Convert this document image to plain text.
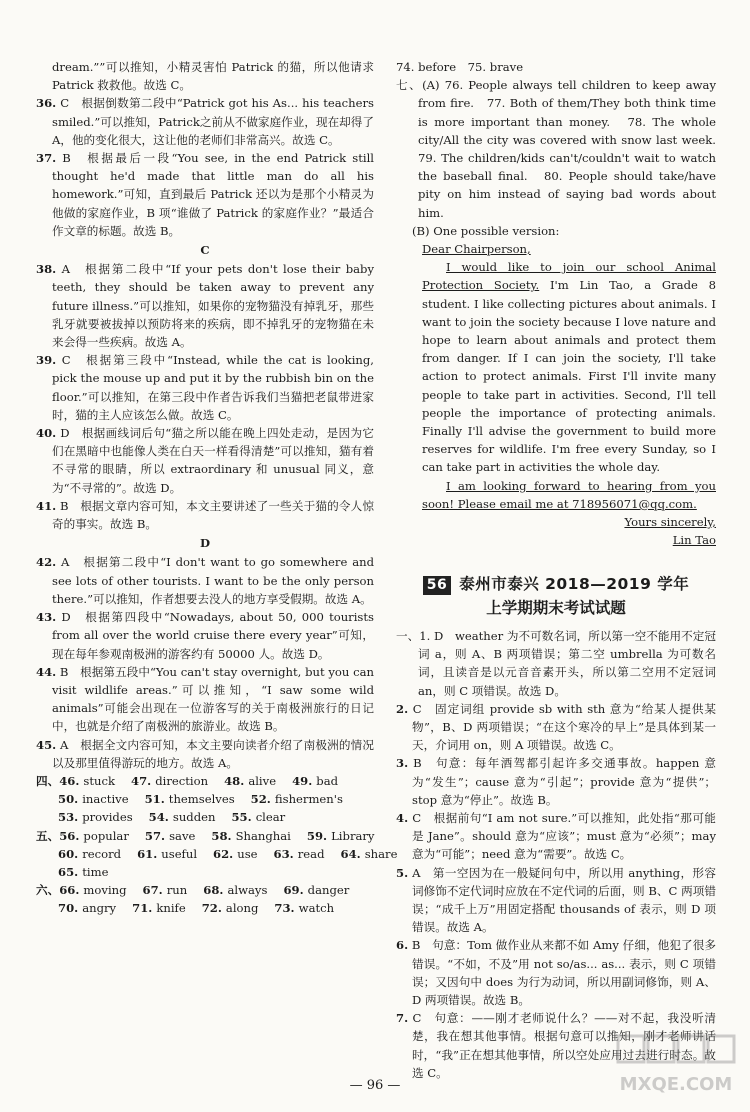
dream.””可以推知，小精灵害怕 Patrick 的猫，所以他请求 Patrick 救救他。故选 C。
36. C　根据倒数第二段中“Patrick got his As... his teachers smiled.”可以推知，Patrick之前从不做家庭作业，现在却得了A，他的变化很大，这让他的老师们非常高兴。故选 C。
37. B　根据最后一段“You see, in the end Patrick still thought he'd made that little man do all his homework.”可知，直到最后 Patrick 还以为是那个小精灵为他做的家庭作业，B 项“谁做了 Patrick 的家庭作业？”最适合作文章的标题。故选 B。
C
38. A　根据第二段中“If your pets don't lose their baby teeth, they should be taken away to prevent any future illness.”可以推知，如果你的宠物猫没有掉乳牙，那些乳牙就要被拔掉以预防将来的疾病，即不掉乳牙的宠物猫在未来会得一些疾病。故选 A。
39. C　根据第三段中“Instead, while the cat is looking, pick the mouse up and put it by the rubbish bin on the floor.”可以推知，在第三段中作者告诉我们当猫把老鼠带进家时，猫的主人应该怎么做。故选 C。
40. D　根据画线词后句“猫之所以能在晚上四处走动，是因为它们在黑暗中也能像人类在白天一样看得清楚”可以推知，猫有着不寻常的眼睛，所以 extraordinary 和 unusual 同义，意为“不寻常的”。故选 D。
41. B　根据文章内容可知，本文主要讲述了一些关于猫的令人惊奇的事实。故选 B。
D
42. A　根据第二段中“I don't want to go somewhere and see lots of other tourists. I want to be the only person there.”可以推知，作者想要去没人的地方享受假期。故选 A。
43. D　根据第四段中“Nowadays, about 50, 000 tourists from all over the world cruise there every year”可知，现在每年参观南极洲的游客约有 50000 人。故选 D。
44. B　根据第五段中“You can't stay overnight, but you can visit wildlife areas.”可以推知，“I saw some wild animals”可能会出现在一位游客写的关于南极洲旅行的日记中，也就是介绍了南极洲的旅游业。故选 B。
45. A　根据全文内容可知，本文主要向读者介绍了南极洲的情况以及那里值得游玩的地方。故选 A。
四、46. stuck 47. direction 48. alive 49. bad
50. inactive 51. themselves 52. fishermen's
53. provides 54. sudden 55. clear
五、56. popular 57. save 58. Shanghai 59. Library
60. record 61. useful 62. use 63. read 64. share
65. time
六、66. moving 67. run 68. always 69. danger
70. angry 71. knife 72. along 73. watch
74. before　75. brave
七、(A) 76. People always tell children to keep away from fire.　77. Both of them/They both think time is more important than money.　78. The whole city/All the city was covered with snow last week.　79. The children/kids can't/couldn't wait to watch the baseball final.　80. People should take/have pity on him instead of saying bad words about him.
(B) One possible version:
Dear Chairperson,
I would like to join our school Animal Protection Society. I'm Lin Tao, a Grade 8 student. I like collecting pictures about animals. I want to join the society because I love nature and hope to learn about animals and protect them from danger. If I can join the society, I'll take action to protect animals. First I'll invite many people to take part in activities. Second, I'll tell people the importance of protecting animals. Finally I'll advise the government to build more reserves for wildlife. I'm free every Sunday, so I can take part in activities the whole day.
I am looking forward to hearing from you soon! Please email me at 718956071@qq.com.
Yours sincerely,
Lin Tao
56 泰州市泰兴 2018—2019 学年
上学期期末考试试题
一、1. D　weather 为不可数名词，所以第一空不能用不定冠词 a，则 A、B 两项错误；第二空 umbrella 为可数名词，且读音是以元音音素开头，所以第二空用不定冠词 an，则 C 项错误。故选 D。
2. C　固定词组 provide sb with sth 意为“给某人提供某物”，B、D 两项错误；“在这个寒冷的早上”是具体到某一天，介词用 on，则 A 项错误。故选 C。
3. B　句意：每年酒驾都引起许多交通事故。happen 意为“发生”；cause 意为“引起”；provide 意为“提供”；stop 意为“停止”。故选 B。
4. C　根据前句“I am not sure.”可以推知，此处指“那可能是 Jane”。should 意为“应该”；must 意为“必须”；may 意为“可能”；need 意为“需要”。故选 C。
5. A　第一空因为在一般疑问句中，所以用 anything，形容词修饰不定代词时应放在不定代词的后面，则 B、C 两项错误；“成千上万”用固定搭配 thousands of 表示，则 D 项错误。故选 A。
6. B　句意：Tom 做作业从来都不如 Amy 仔细，他犯了很多错误。“不如，不及”用 not so/as... as... 表示，则 C 项错误；又因句中 does 为行为动词，所以用副词修饰，则 A、D 两项错误。故选 B。
7. C　句意：——刚才老师说什么？——对不起，我没听清楚，我在想其他事情。根据句意可以推知，刚才老师讲话时，“我”正在想其他事情，所以空处应用过去进行时态。故选 C。
— 96 —	MXQE.COM
